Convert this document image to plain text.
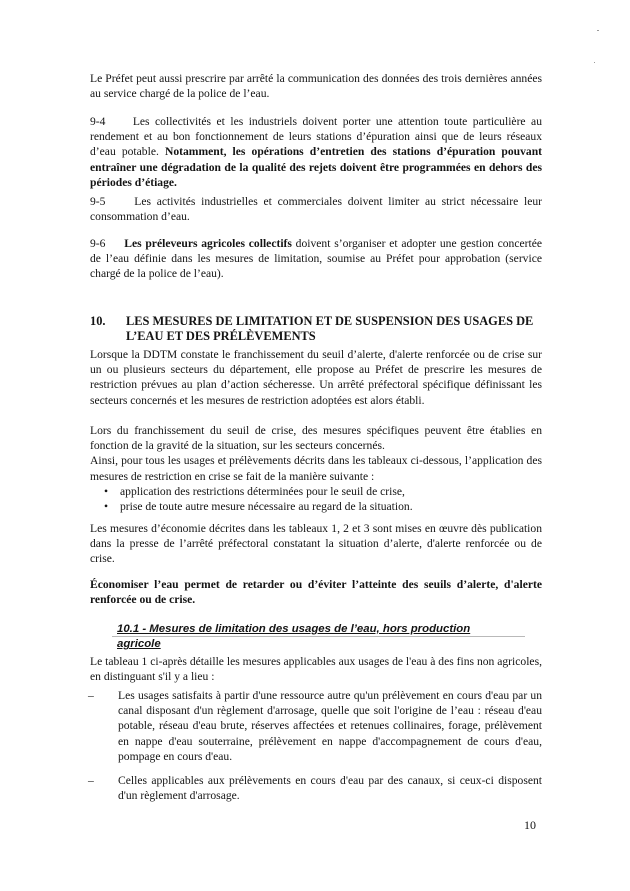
Le Préfet peut aussi prescrire par arrêté la communication des données des trois dernières années au service chargé de la police de l’eau.

9-4 Les collectivités et les industriels doivent porter une attention toute particulière au rendement et au bon fonctionnement de leurs stations d’épuration ainsi que de leurs réseaux d’eau potable. Notamment, les opérations d’entretien des stations d’épuration pouvant entraîner une dégradation de la qualité des rejets doivent être programmées en dehors des périodes d’étiage.

9-5 Les activités industrielles et commerciales doivent limiter au strict nécessaire leur consommation d’eau.

9-6 Les préleveurs agricoles collectifs doivent s’organiser et adopter une gestion concertée de l’eau définie dans les mesures de limitation, soumise au Préfet pour approbation (service chargé de la police de l’eau).

10. LES MESURES DE LIMITATION ET DE SUSPENSION DES USAGES DE
L’EAU ET DES PRÉLÈVEMENTS

Lorsque la DDTM constate le franchissement du seuil d’alerte, d'alerte renforcée ou de crise sur un ou plusieurs secteurs du département, elle propose au Préfet de prescrire les mesures de restriction prévues au plan d’action sécheresse. Un arrêté préfectoral spécifique définissant les secteurs concernés et les mesures de restriction adoptées est alors établi.

Lors du franchissement du seuil de crise, des mesures spécifiques peuvent être établies en fonction de la gravité de la situation, sur les secteurs concernés.

Ainsi, pour tous les usages et prélèvements décrits dans les tableaux ci-dessous, l’application des mesures de restriction en crise se fait de la manière suivante :

• application des restrictions déterminées pour le seuil de crise,
• prise de toute autre mesure nécessaire au regard de la situation.

Les mesures d’économie décrites dans les tableaux 1, 2 et 3 sont mises en œuvre dès publication dans la presse de l’arrêté préfectoral constatant la situation d’alerte, d'alerte renforcée ou de crise.

Économiser l’eau permet de retarder ou d’éviter l’atteinte des seuils d’alerte, d'alerte renforcée ou de crise.

10.1 - Mesures de limitation des usages de l’eau, hors production agricole

Le tableau 1 ci-après détaille les mesures applicables aux usages de l'eau à des fins non agricoles, en distinguant s'il y a lieu :

– Les usages satisfaits à partir d'une ressource autre qu'un prélèvement en cours d'eau par un canal disposant d'un règlement d'arrosage, quelle que soit l'origine de l’eau : réseau d'eau potable, réseau d'eau brute, réserves affectées et retenues collinaires, forage, prélèvement en nappe d'eau souterraine, prélèvement en nappe d'accompagnement de cours d'eau, pompage en cours d'eau.
– Celles applicables aux prélèvements en cours d'eau par des canaux, si ceux-ci disposent d'un règlement d'arrosage.
10
